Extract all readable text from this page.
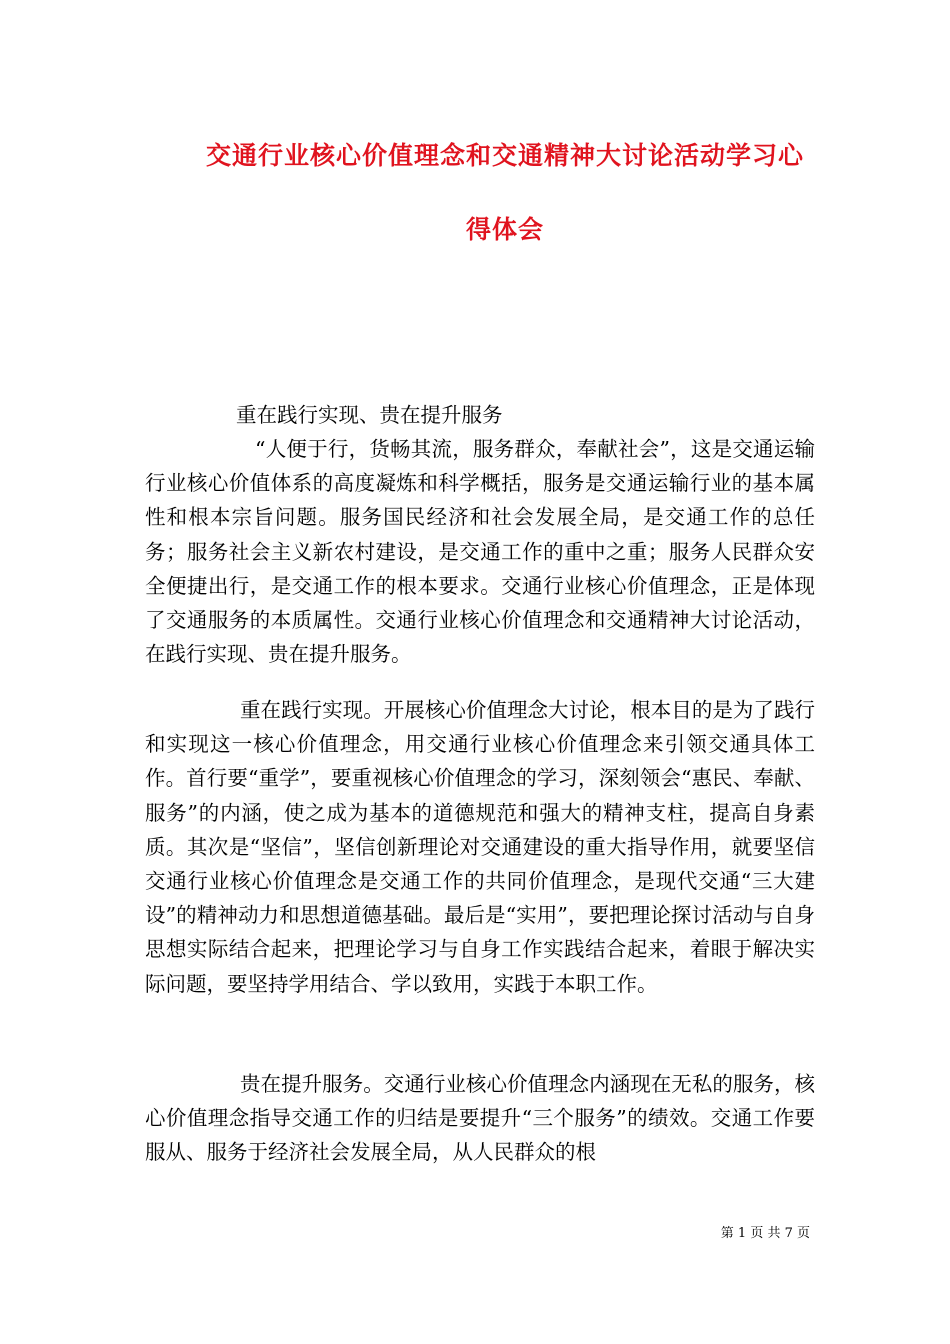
交通行业核心价值理念和交通精神大讨论活动学习心
得体会
重在践行实现、贵在提升服务
“人便于行，货畅其流，服务群众，奉献社会”，这是交通运输行业核心价值体系的高度凝炼和科学概括，服务是交通运输行业的基本属性和根本宗旨问题。服务国民经济和社会发展全局，是交通工作的总任务；服务社会主义新农村建设，是交通工作的重中之重；服务人民群众安全便捷出行，是交通工作的根本要求。交通行业核心价值理念，正是体现了交通服务的本质属性。交通行业核心价值理念和交通精神大讨论活动，在践行实现、贵在提升服务。
重在践行实现。开展核心价值理念大讨论，根本目的是为了践行和实现这一核心价值理念，用交通行业核心价值理念来引领交通具体工作。首行要“重学”，要重视核心价值理念的学习，深刻领会“惠民、奉献、服务”的内涵，使之成为基本的道德规范和强大的精神支柱，提高自身素质。其次是“坚信”，坚信创新理论对交通建设的重大指导作用，就要坚信交通行业核心价值理念是交通工作的共同价值理念，是现代交通“三大建设”的精神动力和思想道德基础。最后是“实用”，要把理论探讨活动与自身思想实际结合起来，把理论学习与自身工作实践结合起来，着眼于解决实际问题，要坚持学用结合、学以致用，实践于本职工作。
贵在提升服务。交通行业核心价值理念内涵现在无私的服务，核心价值理念指导交通工作的归结是要提升“三个服务”的绩效。交通工作要服从、服务于经济社会发展全局，从人民群众的根
第 1 页 共 7 页
